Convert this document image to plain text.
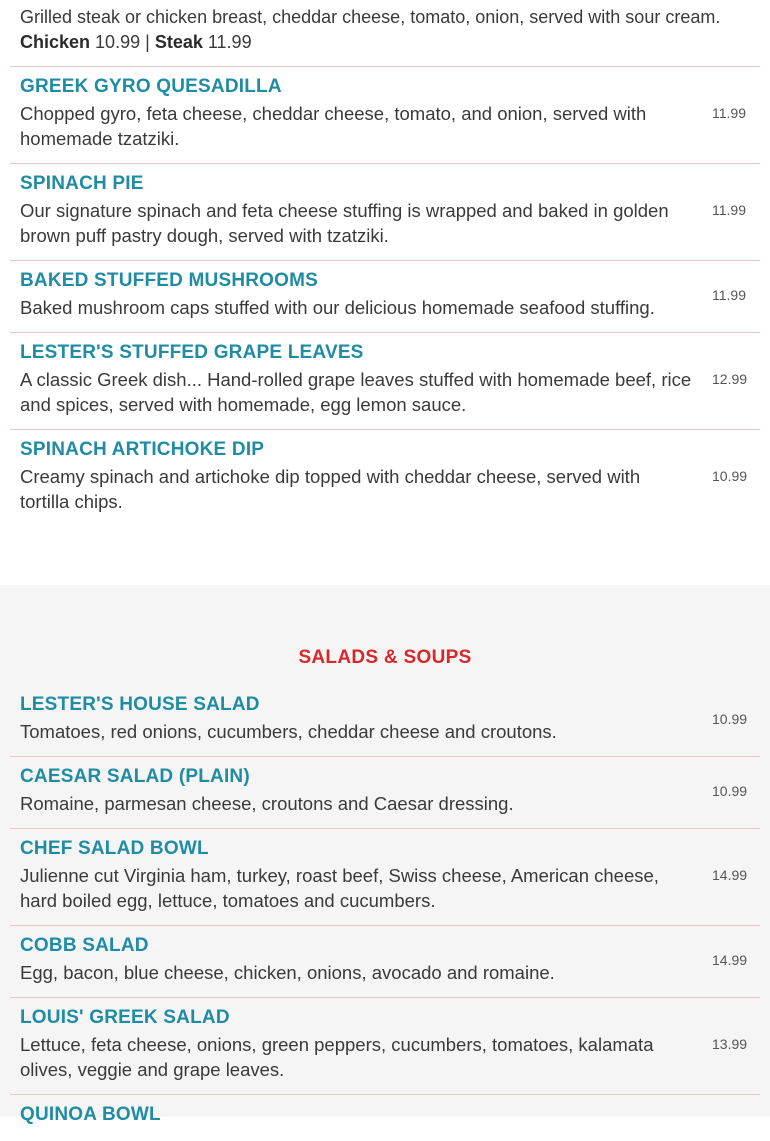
Grilled steak or chicken breast, cheddar cheese, tomato, onion, served with sour cream.

Chicken 10.99 | Steak 11.99
GREEK GYRO QUESADILLA
Chopped gyro, feta cheese, cheddar cheese, tomato, and onion, served with homemade tzatziki.
11.99
SPINACH PIE
Our signature spinach and feta cheese stuffing is wrapped and baked in golden brown puff pastry dough, served with tzatziki.
11.99
BAKED STUFFED MUSHROOMS
Baked mushroom caps stuffed with our delicious homemade seafood stuffing.
11.99
LESTER'S STUFFED GRAPE LEAVES
A classic Greek dish... Hand-rolled grape leaves stuffed with homemade beef, rice and spices, served with homemade, egg lemon sauce.
12.99
SPINACH ARTICHOKE DIP
Creamy spinach and artichoke dip topped with cheddar cheese, served with tortilla chips.
10.99
SALADS & SOUPS
LESTER'S HOUSE SALAD
Tomatoes, red onions, cucumbers, cheddar cheese and croutons.
10.99
CAESAR SALAD (PLAIN)
Romaine, parmesan cheese, croutons and Caesar dressing.
10.99
CHEF SALAD BOWL
Julienne cut Virginia ham, turkey, roast beef, Swiss cheese, American cheese, hard boiled egg, lettuce, tomatoes and cucumbers.
14.99
COBB SALAD
Egg, bacon, blue cheese, chicken, onions, avocado and romaine.
14.99
LOUIS' GREEK SALAD
Lettuce, feta cheese, onions, green peppers, cucumbers, tomatoes, kalamata olives, veggie and grape leaves.
13.99
QUINOA BOWL
